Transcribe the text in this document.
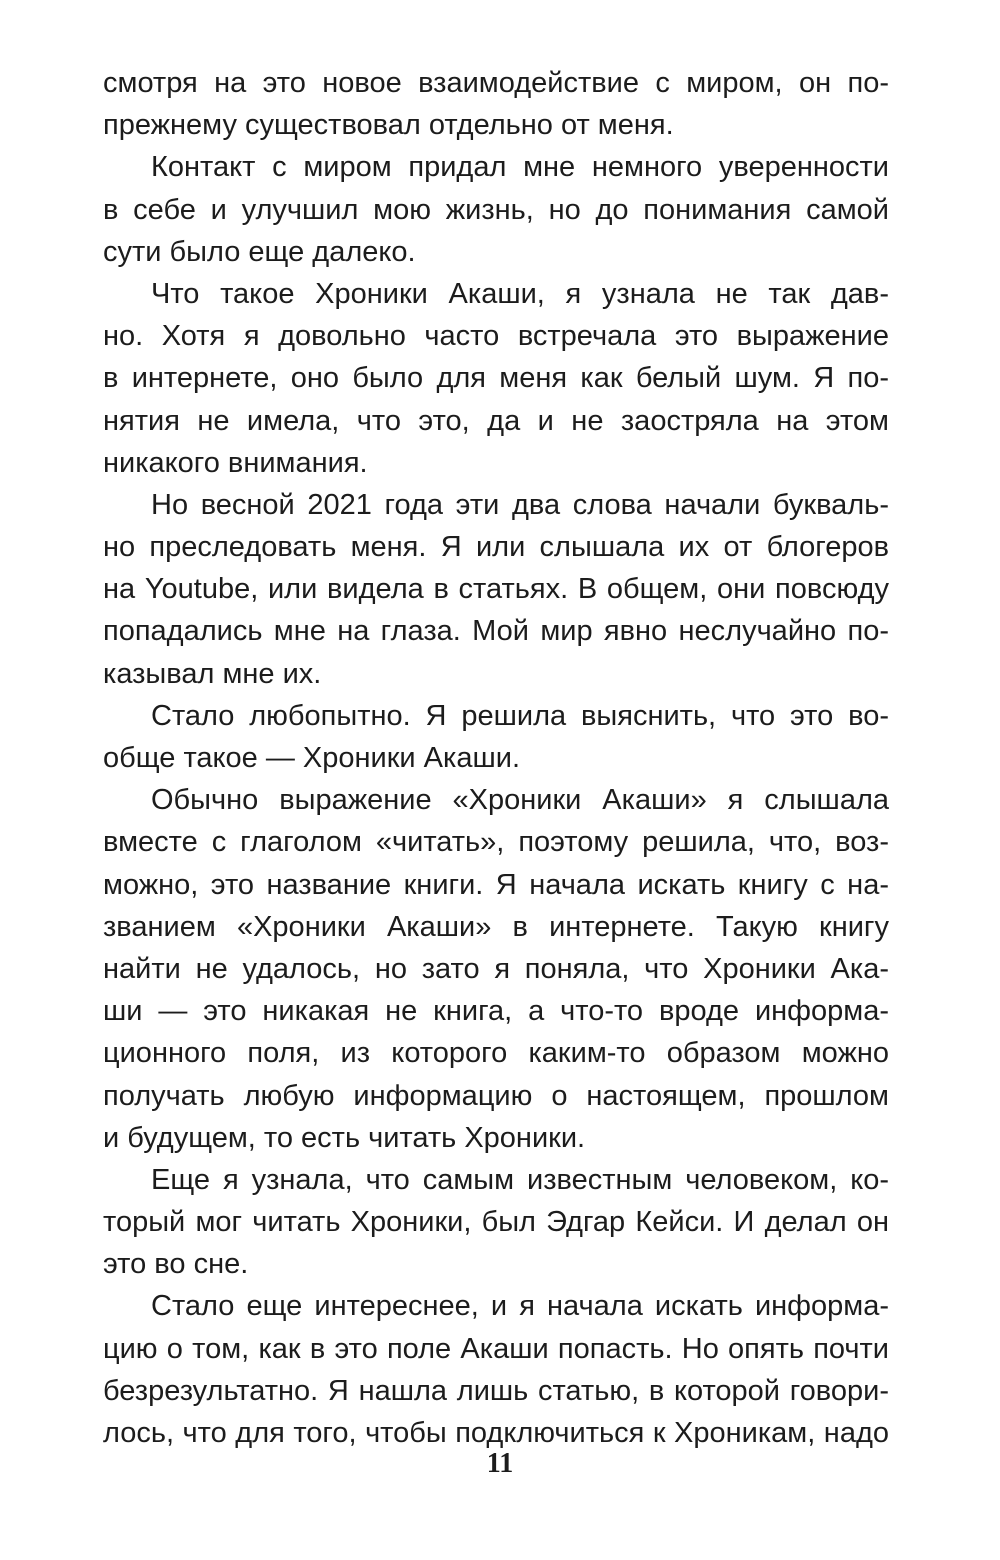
смотря на это новое взаимодействие с миром, он по-
прежнему существовал отдельно от меня.
Контакт с миром придал мне немного уверенности
в себе и улучшил мою жизнь, но до понимания самой
сути было еще далеко.
Что такое Хроники Акаши, я узнала не так дав-
но. Хотя я довольно часто встречала это выражение
в интернете, оно было для меня как белый шум. Я по-
нятия не имела, что это, да и не заостряла на этом
никакого внимания.
Но весной 2021 года эти два слова начали букваль-
но преследовать меня. Я или слышала их от блогеров
на Youtube, или видела в статьях. В общем, они повсюду
попадались мне на глаза. Мой мир явно неслучайно по-
казывал мне их.
Стало любопытно. Я решила выяснить, что это во-
обще такое — Хроники Акаши.
Обычно выражение «Хроники Акаши» я слышала
вместе с глаголом «читать», поэтому решила, что, воз-
можно, это название книги. Я начала искать книгу с на-
званием «Хроники Акаши» в интернете. Такую книгу
найти не удалось, но зато я поняла, что Хроники Ака-
ши — это никакая не книга, а что-то вроде информа-
ционного поля, из которого каким-то образом можно
получать любую информацию о настоящем, прошлом
и будущем, то есть читать Хроники.
Еще я узнала, что самым известным человеком, ко-
торый мог читать Хроники, был Эдгар Кейси. И делал он
это во сне.
Стало еще интереснее, и я начала искать информа-
цию о том, как в это поле Акаши попасть. Но опять почти
безрезультатно. Я нашла лишь статью, в которой говори-
лось, что для того, чтобы подключиться к Хроникам, надо
11
